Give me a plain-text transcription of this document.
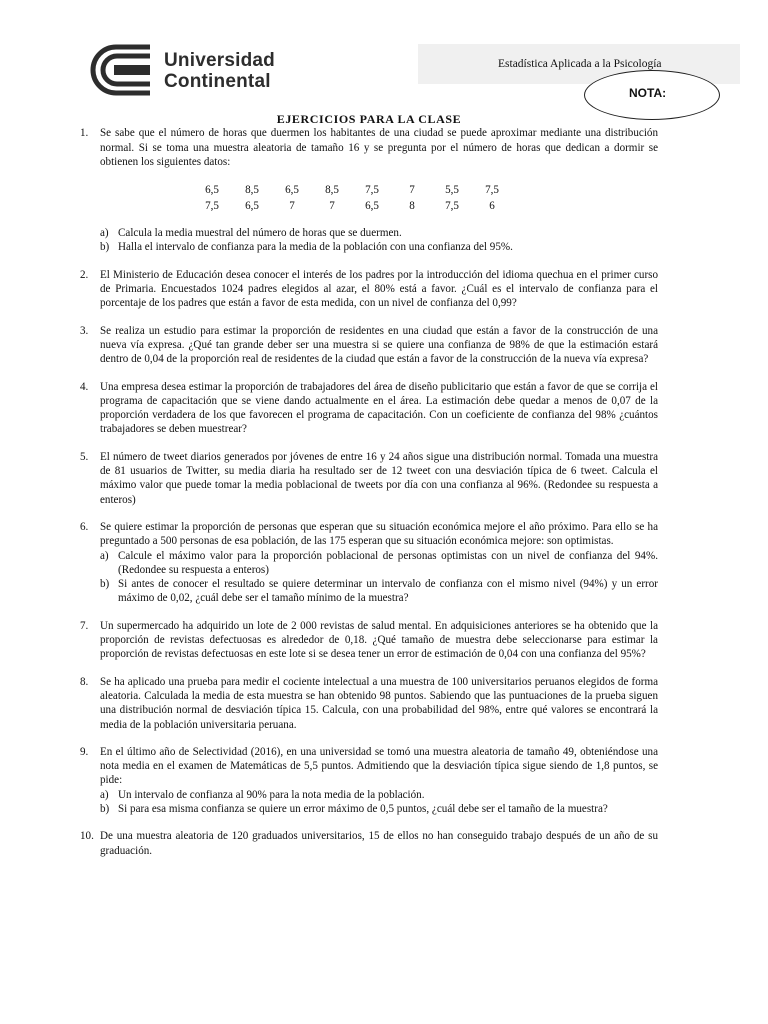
Universidad
Continental
Estadística Aplicada a la Psicología
NOTA:
EJERCICIOS PARA LA CLASE
1. Se sabe que el número de horas que duermen los habitantes de una ciudad se puede aproximar mediante una distribución normal. Si se toma una muestra aleatoria de tamaño 16 y se pregunta por el número de horas que dedican a dormir se obtienen los siguientes datos:

6,5	8,5	6,5	8,5	7,5	7	5,5	7,5
7,5	6,5	7	7	6,5	8	7,5	6
a) Calcula la media muestral del número de horas que se duermen.
b) Halla el intervalo de confianza para la media de la población con una confianza del 95%.
2. El Ministerio de Educación desea conocer el interés de los padres por la introducción del idioma quechua en el primer curso de Primaria. Encuestados 1024 padres elegidos al azar, el 80% está a favor. ¿Cuál es el intervalo de confianza para el porcentaje de los padres que están a favor de esta medida, con un nivel de confianza del 0,99?

3. Se realiza un estudio para estimar la proporción de residentes en una ciudad que están a favor de la construcción de una nueva vía expresa. ¿Qué tan grande deber ser una muestra si se quiere una confianza de 98% de que la estimación estará dentro de 0,04 de la proporción real de residentes de la ciudad que están a favor de la construcción de la nueva vía expresa?

4. Una empresa desea estimar la proporción de trabajadores del área de diseño publicitario que están a favor de que se corrija el programa de capacitación que se viene dando actualmente en el área. La estimación debe quedar a menos de 0,07 de la proporción verdadera de los que favorecen el programa de capacitación. Con un coeficiente de confianza del 98% ¿cuántos trabajadores se deben muestrear?

5. El número de tweet diarios generados por jóvenes de entre 16 y 24 años sigue una distribución normal. Tomada una muestra de 81 usuarios de Twitter, su media diaria ha resultado ser de 12 tweet con una desviación típica de 6 tweet. Calcula el máximo valor que puede tomar la media poblacional de tweets por día con una confianza al 96%. (Redondee su respuesta a enteros)

6. Se quiere estimar la proporción de personas que esperan que su situación económica mejore el año próximo. Para ello se ha preguntado a 500 personas de esa población, de las 175 esperan que su situación económica mejore: son optimistas.

a) Calcule el máximo valor para la proporción poblacional de personas optimistas con un nivel de confianza del 94%. (Redondee su respuesta a enteros)
b) Si antes de conocer el resultado se quiere determinar un intervalo de confianza con el mismo nivel (94%) y un error máximo de 0,02, ¿cuál debe ser el tamaño mínimo de la muestra?
7. Un supermercado ha adquirido un lote de 2 000 revistas de salud mental. En adquisiciones anteriores se ha obtenido que la proporción de revistas defectuosas es alrededor de 0,18. ¿Qué tamaño de muestra debe seleccionarse para estimar la proporción de revistas defectuosas en este lote si se desea tener un error de estimación de 0,04 con una confianza del 95%?

8. Se ha aplicado una prueba para medir el cociente intelectual a una muestra de 100 universitarios peruanos elegidos de forma aleatoria. Calculada la media de esta muestra se han obtenido 98 puntos. Sabiendo que las puntuaciones de la prueba siguen una distribución normal de desviación típica 15. Calcula, con una probabilidad del 98%, entre qué valores se encontrará la media de la población universitaria peruana.

9. En el último año de Selectividad (2016), en una universidad se tomó una muestra aleatoria de tamaño 49, obteniéndose una nota media en el examen de Matemáticas de 5,5 puntos. Admitiendo que la desviación típica sigue siendo de 1,8 puntos, se pide:

a) Un intervalo de confianza al 90% para la nota media de la población.
b) Si para esa misma confianza se quiere un error máximo de 0,5 puntos, ¿cuál debe ser el tamaño de la muestra?
10. De una muestra aleatoria de 120 graduados universitarios, 15 de ellos no han conseguido trabajo después de un año de su graduación.
